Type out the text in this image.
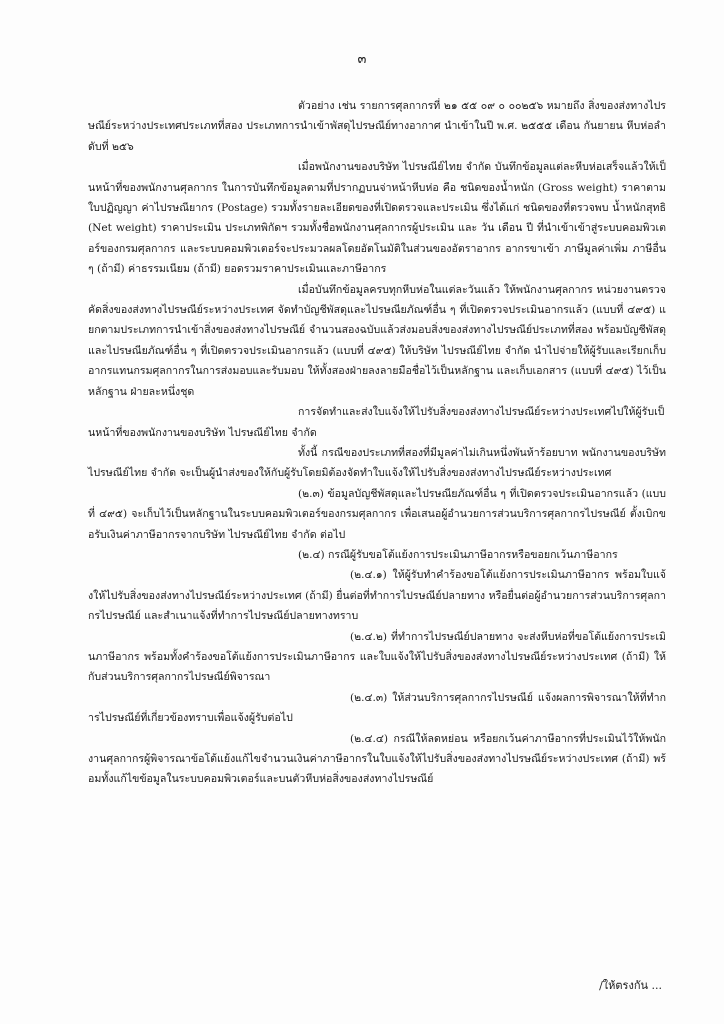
๓

ตัวอย่าง เช่น รายการศุลกากรที่ ๒๑ ๕๕ ๐๙ ๐ ๐๐๒๕๖ หมายถึง สิ่งของส่งทางไปรษณีย์ระหว่างประเทศประเภทที่สอง ประเภทการนำเข้าพัสดุไปรษณีย์ทางอากาศ นำเข้าในปี พ.ศ. ๒๕๕๕ เดือน กันยายน หีบห่อลำดับที่ ๒๕๖

เมื่อพนักงานของบริษัท ไปรษณีย์ไทย จำกัด บันทึกข้อมูลแต่ละหีบห่อเสร็จแล้วให้เป็นหน้าที่ของพนักงานศุลกากร ในการบันทึกข้อมูลตามที่ปรากฏบนจ่าหน้าหีบห่อ คือ ชนิดของน้ำหนัก (Gross weight) ราคาตามใบปฏิญญา ค่าไปรษณียากร (Postage) รวมทั้งรายละเอียดของที่เปิดตรวจและประเมิน ซึ่งได้แก่ ชนิดของที่ตรวจพบ น้ำหนักสุทธิ (Net weight) ราคาประเมิน ประเภทพิกัดฯ รวมทั้งชื่อพนักงานศุลกากรผู้ประเมิน และ วัน เดือน ปี ที่นำเข้าเข้าสู่ระบบคอมพิวเตอร์ของกรมศุลกากร และระบบคอมพิวเตอร์จะประมวลผลโดยอัตโนมัติในส่วนของอัตราอากร อากรขาเข้า ภาษีมูลค่าเพิ่ม ภาษีอื่น ๆ (ถ้ามี) ค่าธรรมเนียม (ถ้ามี) ยอดรวมราคาประเมินและภาษีอากร

เมื่อบันทึกข้อมูลครบทุกหีบห่อในแต่ละวันแล้ว ให้พนักงานศุลกากร หน่วยงานตรวจคัดสิ่งของส่งทางไปรษณีย์ระหว่างประเทศ จัดทำบัญชีพัสดุและไปรษณียภัณฑ์อื่น ๆ ที่เปิดตรวจประเมินอากรแล้ว (แบบที่ ๔๙๕) แยกตามประเภทการนำเข้าสิ่งของส่งทางไปรษณีย์ จำนวนสองฉบับแล้วส่งมอบสิ่งของส่งทางไปรษณีย์ประเภทที่สอง พร้อมบัญชีพัสดุและไปรษณียภัณฑ์อื่น ๆ ที่เปิดตรวจประเมินอากรแล้ว (แบบที่ ๔๙๕) ให้บริษัท ไปรษณีย์ไทย จำกัด นำไปจ่ายให้ผู้รับและเรียกเก็บอากรแทนกรมศุลกากรในการส่งมอบและรับมอบ ให้ทั้งสองฝ่ายลงลายมือชื่อไว้เป็นหลักฐาน และเก็บเอกสาร (แบบที่ ๔๙๕) ไว้เป็นหลักฐาน ฝ่ายละหนึ่งชุด

การจัดทำและส่งใบแจ้งให้ไปรับสิ่งของส่งทางไปรษณีย์ระหว่างประเทศไปให้ผู้รับเป็นหน้าที่ของพนักงานของบริษัท ไปรษณีย์ไทย จำกัด

ทั้งนี้ กรณีของประเภทที่สองที่มีมูลค่าไม่เกินหนึ่งพันห้าร้อยบาท พนักงานของบริษัท ไปรษณีย์ไทย จำกัด จะเป็นผู้นำส่งของให้กับผู้รับโดยมิต้องจัดทำใบแจ้งให้ไปรับสิ่งของส่งทางไปรษณีย์ระหว่างประเทศ

(๒.๓) ข้อมูลบัญชีพัสดุและไปรษณียภัณฑ์อื่น ๆ ที่เปิดตรวจประเมินอากรแล้ว (แบบที่ ๔๙๕) จะเก็บไว้เป็นหลักฐานในระบบคอมพิวเตอร์ของกรมศุลกากร เพื่อเสนอผู้อำนวยการส่วนบริการศุลกากรไปรษณีย์ ตั้งเบิกขอรับเงินค่าภาษีอากรจากบริษัท ไปรษณีย์ไทย จำกัด ต่อไป

(๒.๔) กรณีผู้รับขอโต้แย้งการประเมินภาษีอากรหรือขอยกเว้นภาษีอากร

(๒.๔.๑) ให้ผู้รับทำคำร้องขอโต้แย้งการประเมินภาษีอากร พร้อมใบแจ้งให้ไปรับสิ่งของส่งทางไปรษณีย์ระหว่างประเทศ (ถ้ามี) ยื่นต่อที่ทำการไปรษณีย์ปลายทาง หรือยื่นต่อผู้อำนวยการส่วนบริการศุลกากรไปรษณีย์ และสำเนาแจ้งที่ทำการไปรษณีย์ปลายทางทราบ

(๒.๔.๒) ที่ทำการไปรษณีย์ปลายทาง จะส่งหีบห่อที่ขอโต้แย้งการประเมินภาษีอากร พร้อมทั้งคำร้องขอโต้แย้งการประเมินภาษีอากร และใบแจ้งให้ไปรับสิ่งของส่งทางไปรษณีย์ระหว่างประเทศ (ถ้ามี) ให้กับส่วนบริการศุลกากรไปรษณีย์พิจารณา

(๒.๔.๓) ให้ส่วนบริการศุลกากรไปรษณีย์ แจ้งผลการพิจารณาให้ที่ทำการไปรษณีย์ที่เกี่ยวข้องทราบเพื่อแจ้งผู้รับต่อไป

(๒.๔.๔) กรณีให้ลดหย่อน หรือยกเว้นค่าภาษีอากรที่ประเมินไว้ให้พนักงานศุลกากรผู้พิจารณาข้อโต้แย้งแก้ไขจำนวนเงินค่าภาษีอากรในใบแจ้งให้ไปรับสิ่งของส่งทางไปรษณีย์ระหว่างประเทศ (ถ้ามี) พร้อมทั้งแก้ไขข้อมูลในระบบคอมพิวเตอร์และบนตัวหีบห่อสิ่งของส่งทางไปรษณีย์

/ให้ตรงกัน ...
